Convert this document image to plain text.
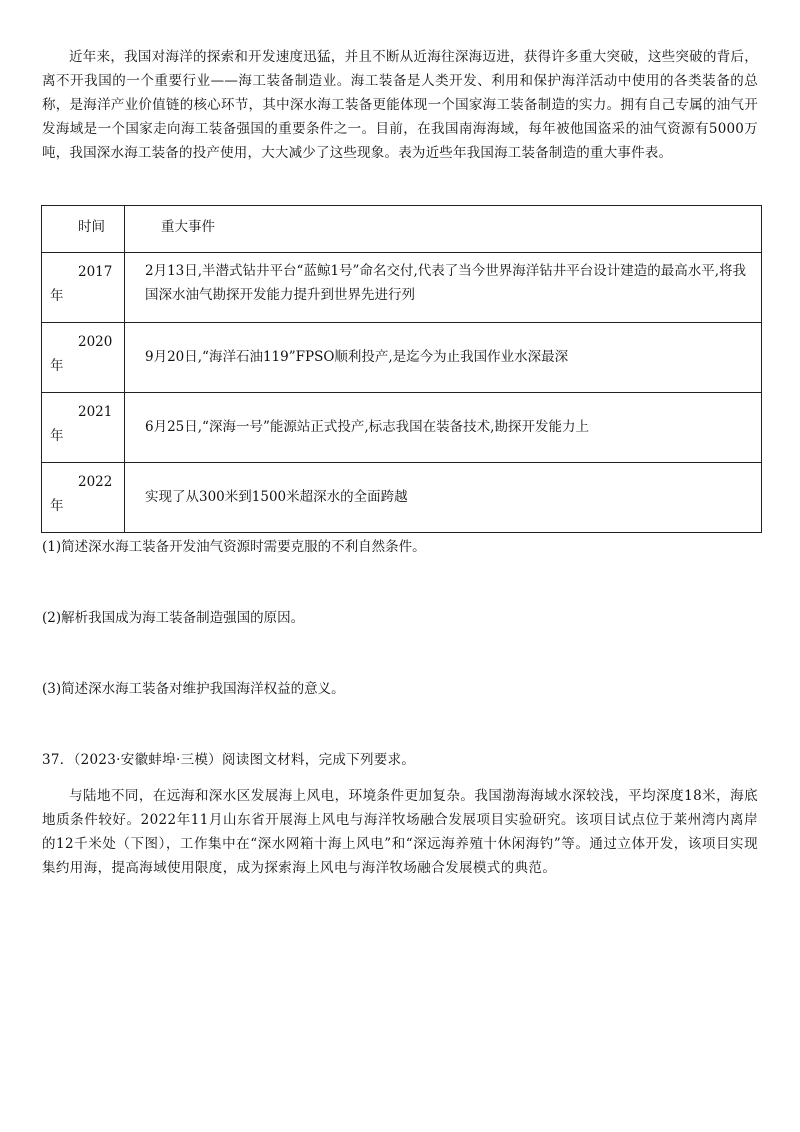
近年来，我国对海洋的探索和开发速度迅猛，并且不断从近海往深海迈进，获得许多重大突破，这些突破的背后，离不开我国的一个重要行业——海工装备制造业。海工装备是人类开发、利用和保护海洋活动中使用的各类装备的总称，是海洋产业价值链的核心环节，其中深水海工装备更能体现一个国家海工装备制造的实力。拥有自己专属的油气开发海域是一个国家走向海工装备强国的重要条件之一。目前，在我国南海海域，每年被他国盗采的油气资源有5000万吨，我国深水海工装备的投产使用，大大减少了这些现象。表为近些年我国海工装备制造的重大事件表。
时间	重大事件

2017
年	2月13日,半潜式钻井平台“蓝鲸1号”命名交付,代表了当今世界海洋钻井平台设计建造的最高水平,将我国深水油气勘探开发能力提升到世界先进行列

2020
年	9月20日,“海洋石油119”FPSO顺利投产,是迄今为止我国作业水深最深

2021
年	6月25日,“深海一号”能源站正式投产,标志我国在装备技术,勘探开发能力上

2022
年	实现了从300米到1500米超深水的全面跨越
(1)简述深水海工装备开发油气资源时需要克服的不利自然条件。
(2)解析我国成为海工装备制造强国的原因。
(3)简述深水海工装备对维护我国海洋权益的意义。
37．（2023·安徽蚌埠·三模）阅读图文材料，完成下列要求。
与陆地不同，在远海和深水区发展海上风电，环境条件更加复杂。我国渤海海域水深较浅，平均深度18米，海底地质条件较好。2022年11月山东省开展海上风电与海洋牧场融合发展项目实验研究。该项目试点位于莱州湾内离岸的12千米处（下图），工作集中在“深水网箱十海上风电”和“深远海养殖十休闲海钓”等。通过立体开发，该项目实现集约用海，提高海域使用限度，成为探索海上风电与海洋牧场融合发展模式的典范。
